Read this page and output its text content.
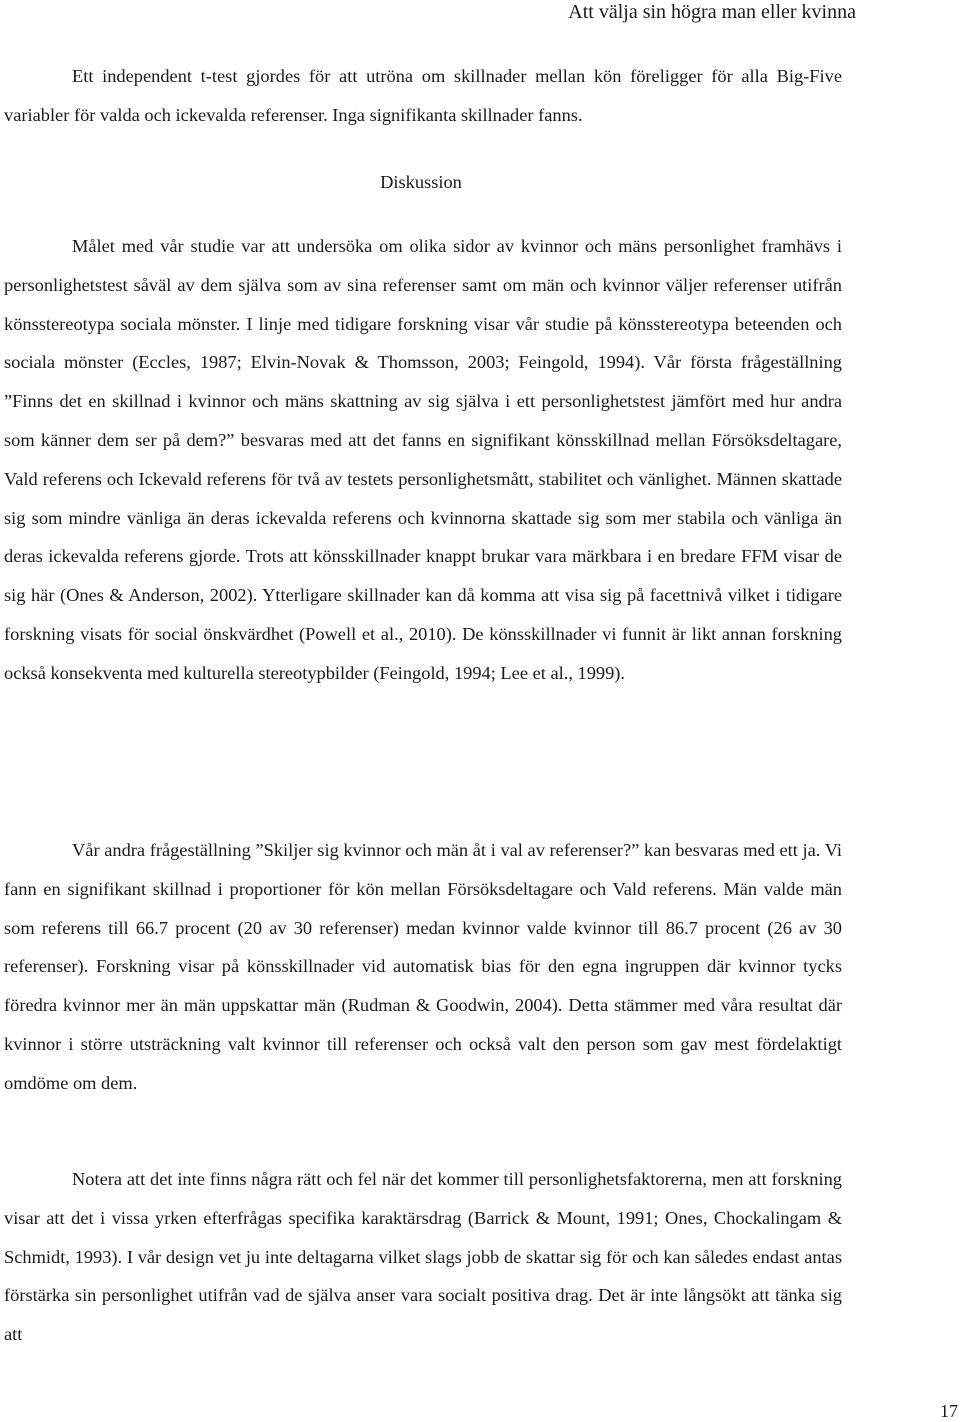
Att välja sin högra man eller kvinna

Ett independent t-test gjordes för att utröna om skillnader mellan kön föreligger för alla Big-Five variabler för valda och ickevalda referenser. Inga signifikanta skillnader fanns.

Diskussion

Målet med vår studie var att undersöka om olika sidor av kvinnor och mäns personlighet framhävs i personlighetstest såväl av dem själva som av sina referenser samt om män och kvinnor väljer referenser utifrån könsstereotypa sociala mönster. I linje med tidigare forskning visar vår studie på könsstereotypa beteenden och sociala mönster (Eccles, 1987; Elvin-Novak & Thomsson, 2003; Feingold, 1994). Vår första frågeställning ”Finns det en skillnad i kvinnor och mäns skattning av sig själva i ett personlighetstest jämfört med hur andra som känner dem ser på dem?” besvaras med att det fanns en signifikant könsskillnad mellan Försöksdeltagare, Vald referens och Ickevald referens för två av testets personlighetsmått, stabilitet och vänlighet. Männen skattade sig som mindre vänliga än deras ickevalda referens och kvinnorna skattade sig som mer stabila och vänliga än deras ickevalda referens gjorde. Trots att könsskillnader knappt brukar vara märkbara i en bredare FFM visar de sig här (Ones & Anderson, 2002). Ytterligare skillnader kan då komma att visa sig på facettnivå vilket i tidigare forskning visats för social önskvärdhet (Powell et al., 2010). De könsskillnader vi funnit är likt annan forskning också konsekventa med kulturella stereotypbilder (Feingold, 1994; Lee et al., 1999).

Vår andra frågeställning ”Skiljer sig kvinnor och män åt i val av referenser?” kan besvaras med ett ja. Vi fann en signifikant skillnad i proportioner för kön mellan Försöksdeltagare och Vald referens. Män valde män som referens till 66.7 procent (20 av 30 referenser) medan kvinnor valde kvinnor till 86.7 procent (26 av 30 referenser). Forskning visar på könsskillnader vid automatisk bias för den egna ingruppen där kvinnor tycks föredra kvinnor mer än män uppskattar män (Rudman & Goodwin, 2004). Detta stämmer med våra resultat där kvinnor i större utsträckning valt kvinnor till referenser och också valt den person som gav mest fördelaktigt omdöme om dem.

Notera att det inte finns några rätt och fel när det kommer till personlighetsfaktorerna, men att forskning visar att det i vissa yrken efterfrågas specifika karaktärsdrag (Barrick & Mount, 1991; Ones, Chockalingam & Schmidt, 1993). I vår design vet ju inte deltagarna vilket slags jobb de skattar sig för och kan således endast antas förstärka sin personlighet utifrån vad de själva anser vara socialt positiva drag. Det är inte långsökt att tänka sig att

17
